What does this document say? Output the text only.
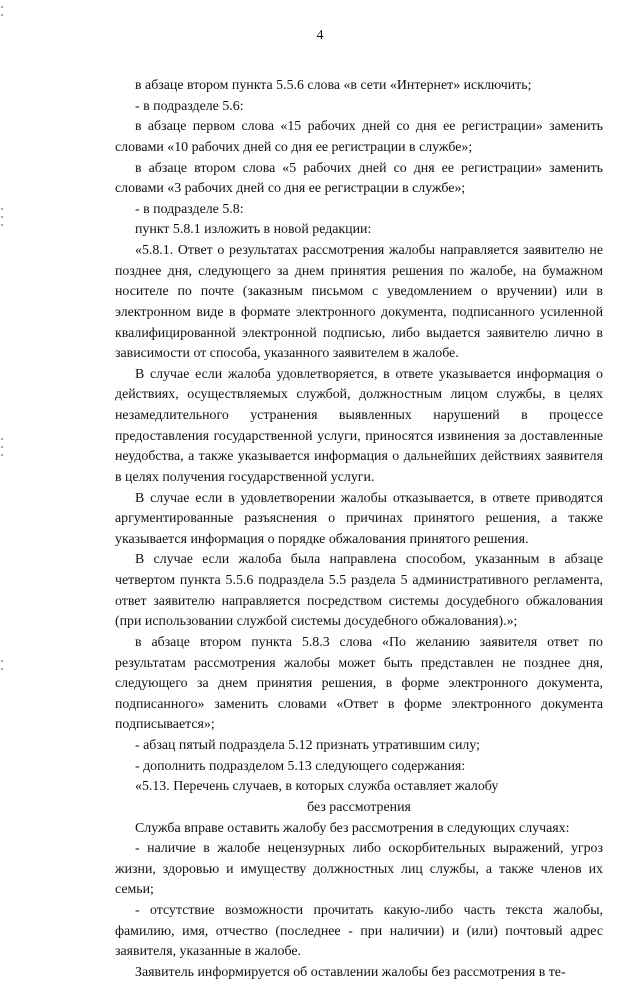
4

в абзаце втором пункта 5.5.6 слова «в сети «Интернет» исключить;

- в подразделе 5.6:

в абзаце первом слова «15 рабочих дней со дня ее регистрации» заменить словами «10 рабочих дней со дня ее регистрации в службе»;

в абзаце втором слова «5 рабочих дней со дня ее регистрации» заменить словами «3 рабочих дней со дня ее регистрации в службе»;

- в подразделе 5.8:

пункт 5.8.1 изложить в новой редакции:

«5.8.1. Ответ о результатах рассмотрения жалобы направляется заявителю не позднее дня, следующего за днем принятия решения по жалобе, на бумажном носителе по почте (заказным письмом с уведомлением о вручении) или в электронном виде в формате электронного документа, подписанного усиленной квалифицированной электронной подписью, либо выдается заявителю лично в зависимости от способа, указанного заявителем в жалобе.

В случае если жалоба удовлетворяется, в ответе указывается информация о действиях, осуществляемых службой, должностным лицом службы, в целях незамедлительного устранения выявленных нарушений в процессе предоставления государственной услуги, приносятся извинения за доставленные неудобства, а также указывается информация о дальнейших действиях заявителя в целях получения государственной услуги.

В случае если в удовлетворении жалобы отказывается, в ответе приводятся аргументированные разъяснения о причинах принятого решения, а также указывается информация о порядке обжалования принятого решения.

В случае если жалоба была направлена способом, указанным в абзаце четвертом пункта 5.5.6 подраздела 5.5 раздела 5 административного регламента, ответ заявителю направляется посредством системы досудебного обжалования (при использовании службой системы досудебного обжалования).»;

в абзаце втором пункта 5.8.3 слова «По желанию заявителя ответ по результатам рассмотрения жалобы может быть представлен не позднее дня, следующего за днем принятия решения, в форме электронного документа, подписанного» заменить словами «Ответ в форме электронного документа подписывается»;

- абзац пятый подраздела 5.12 признать утратившим силу;

- дополнить подразделом 5.13 следующего содержания:

«5.13. Перечень случаев, в которых служба оставляет жалобу

без рассмотрения

Служба вправе оставить жалобу без рассмотрения в следующих случаях:

- наличие в жалобе нецензурных либо оскорбительных выражений, угроз жизни, здоровью и имуществу должностных лиц службы, а также членов их семьи;

- отсутствие возможности прочитать какую-либо часть текста жалобы, фамилию, имя, отчество (последнее - при наличии) и (или) почтовый адрес заявителя, указанные в жалобе.

Заявитель информируется об оставлении жалобы без рассмотрения в те-
